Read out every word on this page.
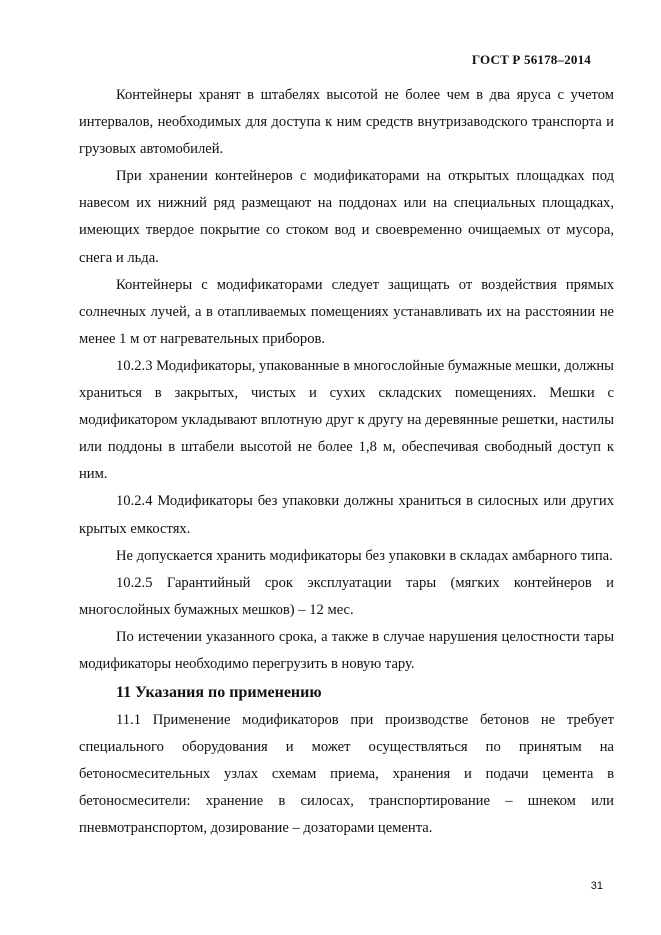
ГОСТ Р 56178–2014

Контейнеры хранят в штабелях высотой не более чем в два яруса с учетом интервалов, необходимых для доступа к ним средств внутризаводского транспорта и грузовых автомобилей.

При хранении контейнеров с модификаторами на открытых площадках под навесом их нижний ряд размещают на поддонах или на специальных площадках, имеющих твердое покрытие со стоком вод и своевременно очищаемых от мусора, снега и льда.

Контейнеры с модификаторами следует защищать от воздействия прямых солнечных лучей, а в отапливаемых помещениях устанавливать их на расстоянии не менее 1 м от нагревательных приборов.

10.2.3 Модификаторы, упакованные в многослойные бумажные мешки, должны храниться в закрытых, чистых и сухих складских помещениях. Мешки с модификатором укладывают вплотную друг к другу на деревянные решетки, настилы или поддоны в штабели высотой не более 1,8 м, обеспечивая свободный доступ к ним.

10.2.4 Модификаторы без упаковки должны храниться в силосных или других крытых емкостях.

Не допускается хранить модификаторы без упаковки в складах амбарного типа.

10.2.5 Гарантийный срок эксплуатации тары (мягких контейнеров и многослойных бумажных мешков) – 12 мес.

По истечении указанного срока, а также в случае нарушения целостности тары модификаторы необходимо перегрузить в новую тару.

11 Указания по применению

11.1 Применение модификаторов при производстве бетонов не требует специального оборудования и может осуществляться по принятым на бетоносмесительных узлах схемам приема, хранения и подачи цемента в бетоносмесители: хранение в силосах, транспортирование – шнеком или пневмотранспортом, дозирование – дозаторами цемента.

31
